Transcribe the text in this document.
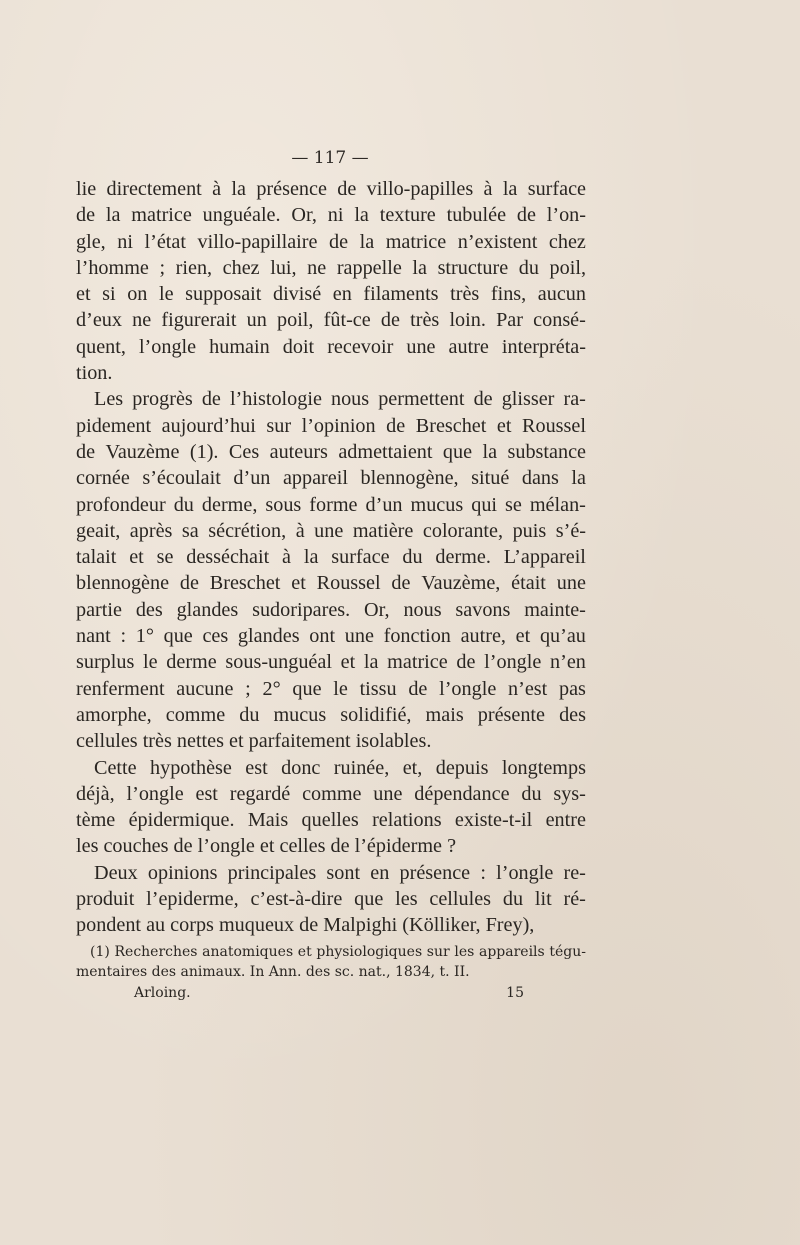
— 117 —
lie directement à la présence de villo-papilles à la surface
de la matrice unguéale. Or, ni la texture tubulée de l’on-
gle, ni l’état villo-papillaire de la matrice n’existent chez
l’homme ; rien, chez lui, ne rappelle la structure du poil,
et si on le supposait divisé en filaments très fins, aucun
d’eux ne figurerait un poil, fût-ce de très loin. Par consé-
quent, l’ongle humain doit recevoir une autre interpréta-
tion.
Les progrès de l’histologie nous permettent de glisser ra-
pidement aujourd’hui sur l’opinion de Breschet et Roussel
de Vauzème (1). Ces auteurs admettaient que la substance
cornée s’écoulait d’un appareil blennogène, situé dans la
profondeur du derme, sous forme d’un mucus qui se mélan-
geait, après sa sécrétion, à une matière colorante, puis s’é-
talait et se desséchait à la surface du derme. L’appareil
blennogène de Breschet et Roussel de Vauzème, était une
partie des glandes sudoripares. Or, nous savons mainte-
nant : 1° que ces glandes ont une fonction autre, et qu’au
surplus le derme sous-unguéal et la matrice de l’ongle n’en
renferment aucune ; 2° que le tissu de l’ongle n’est pas
amorphe, comme du mucus solidifié, mais présente des
cellules très nettes et parfaitement isolables.
Cette hypothèse est donc ruinée, et, depuis longtemps
déjà, l’ongle est regardé comme une dépendance du sys-
tème épidermique. Mais quelles relations existe-t-il entre
les couches de l’ongle et celles de l’épiderme ?
Deux opinions principales sont en présence : l’ongle re-
produit l’epiderme, c’est-à-dire que les cellules du lit ré-
pondent au corps muqueux de Malpighi (Kölliker, Frey),
(1) Recherches anatomiques et physiologiques sur les appareils tégu-
mentaires des animaux. In Ann. des sc. nat., 1834, t. II.
Arloing.	15
